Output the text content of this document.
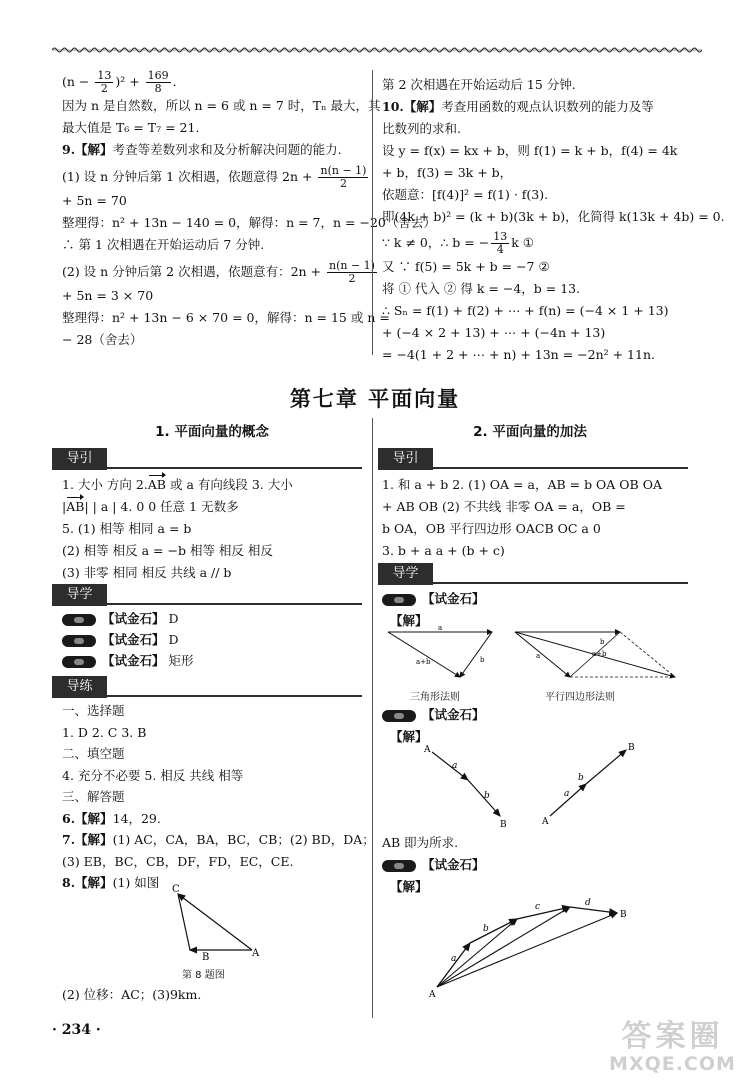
$(n - \frac{13}{2} )^2 + \frac{169}{8}$ .

因为 n 是自然数，所以 n = 6 或 n = 7 时，Tₙ 最大，其

最大值是 T₆ = T₇ = 21.

9.【解】考查等差数列求和及分析解决问题的能力.

(1) 设 n 分钟后第 1 次相遇，依题意得 $2n + \frac{n(n - 1)}{2}$

+ 5n = 70

整理得：n² + 13n − 140 = 0，解得：n = 7，n = −20（舍去）

∴ 第 1 次相遇在开始运动后 7 分钟.

(2) 设 n 分钟后第 2 次相遇，依题意有：$2n + \frac{n(n - 1)}{2}$

+ 5n = 3 × 70

整理得：n² + 13n − 6 × 70 = 0，解得：n = 15 或 n =

− 28（舍去）

第 2 次相遇在开始运动后 15 分钟.

10.【解】考查用函数的观点认识数列的能力及等

比数列的求和.

设 y = f(x) = kx + b，则 f(1) = k + b，f(4) = 4k

+ b，f(3) = 3k + b，

依题意：[f(4)]² = f(1) · f(3).

即(4k + b)² = (k + b)(3k + b)，化简得 k(13k + 4b) = 0.

∵ k ≠ 0，∴ b = − $\frac{13}{4}$ k ①

又 ∵ f(5) = 5k + b = −7 ②

将 ① 代入 ② 得 k = −4，b = 13.

∴ Sₙ = f(1) + f(2) + ⋯ + f(n) = (−4 × 1 + 13)

+ (−4 × 2 + 13) + ⋯ + (−4n + 13)

= −4(1 + 2 + ⋯ + n) + 13n = −2n² + 11n.

第七章 平面向量
1. 平面向量的概念
导引

1. 大小 方向 2.AB 或 a 有向线段 3. 大小

|AB| | a | 4. 0 0 任意 1 无数多

5. (1) 相等 相同 a = b

(2) 相等 相反 a = −b 相等 相反 相反

(3) 非零 相同 相反 共线 a // b

导学

【试金石】 D

【试金石】 D

【试金石】 矩形

导练

一、选择题

1. D 2. C 3. B

二、填空题

4. 充分不必要 5. 相反 共线 相等

三、解答题

6.【解】14，29.

7.【解】(1) AC，CA，BA，BC，CB；(2) BD，DA；

(3) EB，BC，CB，DF，FD，EC，CE.

8.【解】(1) 如图	C
B	A
第 8 题图

(2) 位移：AC；(3)9km.

2. 平面向量的加法
导引

1. 和 a + b 2. (1) OA = a，AB = b OA OB OA

+ AB OB (2) 不共线 非零 OA = a，OB =

b OA，OB 平行四边形 OACB OC a 0

3. b + a a + (b + c)

导学

【试金石】

【解】	a
b
a+b
a
b
a+b
三角形法则	平行四边形法则

【试金石】

【解】

A
B
a
b
A
B
a
b

AB 即为所求.

【试金石】

【解】

A
B
a
b
c	d
· 234 ·	答案圈
MXQE.COM
